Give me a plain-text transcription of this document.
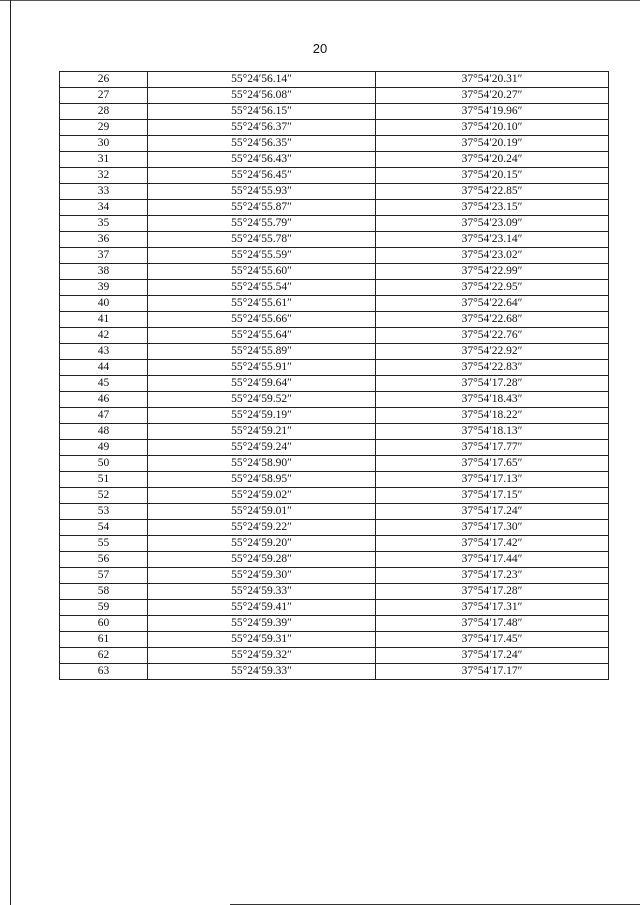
20
26	55°24′56.14″	37°54′20.31″
27	55°24′56.08″	37°54′20.27″
28	55°24′56.15″	37°54′19.96″
29	55°24′56.37″	37°54′20.10″
30	55°24′56.35″	37°54′20.19″
31	55°24′56.43″	37°54′20.24″
32	55°24′56.45″	37°54′20.15″
33	55°24′55.93″	37°54′22.85″
34	55°24′55.87″	37°54′23.15″
35	55°24′55.79″	37°54′23.09″
36	55°24′55.78″	37°54′23.14″
37	55°24′55.59″	37°54′23.02″
38	55°24′55.60″	37°54′22.99″
39	55°24′55.54″	37°54′22.95″
40	55°24′55.61″	37°54′22.64″
41	55°24′55.66″	37°54′22.68″
42	55°24′55.64″	37°54′22.76″
43	55°24′55.89″	37°54′22.92″
44	55°24′55.91″	37°54′22.83″
45	55°24′59.64″	37°54′17.28″
46	55°24′59.52″	37°54′18.43″
47	55°24′59.19″	37°54′18.22″
48	55°24′59.21″	37°54′18.13″
49	55°24′59.24″	37°54′17.77″
50	55°24′58.90″	37°54′17.65″
51	55°24′58.95″	37°54′17.13″
52	55°24′59.02″	37°54′17.15″
53	55°24′59.01″	37°54′17.24″
54	55°24′59.22″	37°54′17.30″
55	55°24′59.20″	37°54′17.42″
56	55°24′59.28″	37°54′17.44″
57	55°24′59.30″	37°54′17.23″
58	55°24′59.33″	37°54′17.28″
59	55°24′59.41″	37°54′17.31″
60	55°24′59.39″	37°54′17.48″
61	55°24′59.31″	37°54′17.45″
62	55°24′59.32″	37°54′17.24″
63	55°24′59.33″	37°54′17.17″
